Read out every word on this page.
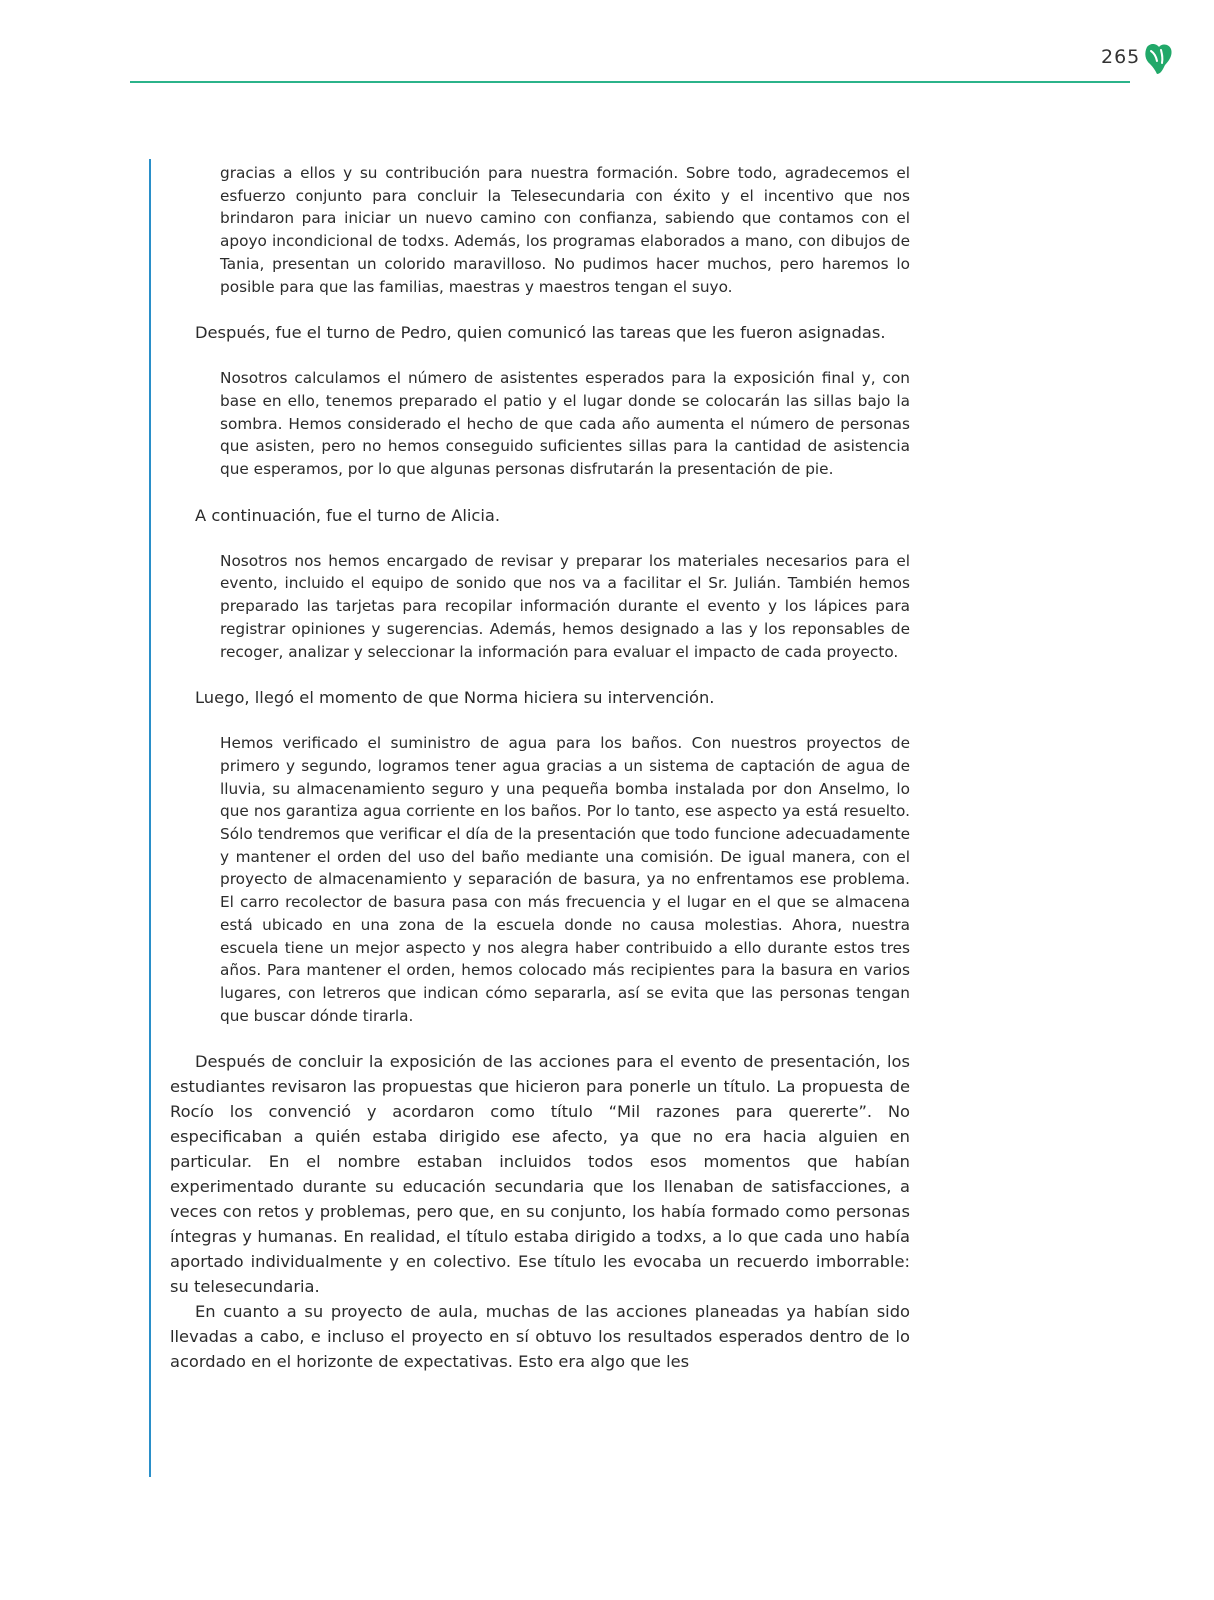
265

gracias a ellos y su contribución para nuestra formación. Sobre todo, agradecemos el esfuerzo conjunto para concluir la Telesecundaria con éxito y el incentivo que nos brindaron para iniciar un nuevo camino con confianza, sabiendo que contamos con el apoyo incondicional de todxs. Además, los programas elaborados a mano, con dibujos de Tania, presentan un colorido maravilloso. No pudimos hacer muchos, pero haremos lo posible para que las familias, maestras y maestros tengan el suyo.

Después, fue el turno de Pedro, quien comunicó las tareas que les fueron asignadas.

Nosotros calculamos el número de asistentes esperados para la exposición final y, con base en ello, tenemos preparado el patio y el lugar donde se colocarán las sillas bajo la sombra. Hemos considerado el hecho de que cada año aumenta el número de personas que asisten, pero no hemos conseguido suficientes sillas para la cantidad de asistencia que esperamos, por lo que algunas personas disfrutarán la presentación de pie.

A continuación, fue el turno de Alicia.

Nosotros nos hemos encargado de revisar y preparar los materiales necesarios para el evento, incluido el equipo de sonido que nos va a facilitar el Sr. Julián. También hemos preparado las tarjetas para recopilar información durante el evento y los lápices para registrar opiniones y sugerencias. Además, hemos designado a las y los reponsables de recoger, analizar y seleccionar la información para evaluar el impacto de cada proyecto.

Luego, llegó el momento de que Norma hiciera su intervención.

Hemos verificado el suministro de agua para los baños. Con nuestros proyectos de primero y segundo, logramos tener agua gracias a un sistema de captación de agua de lluvia, su almacenamiento seguro y una pequeña bomba instalada por don Anselmo, lo que nos garantiza agua corriente en los baños. Por lo tanto, ese aspecto ya está resuelto. Sólo tendremos que verificar el día de la presentación que todo funcione adecuadamente y mantener el orden del uso del baño mediante una comisión. De igual manera, con el proyecto de almacenamiento y separación de basura, ya no enfrentamos ese problema. El carro recolector de basura pasa con más frecuencia y el lugar en el que se almacena está ubicado en una zona de la escuela donde no causa molestias. Ahora, nuestra escuela tiene un mejor aspecto y nos alegra haber contribuido a ello durante estos tres años. Para mantener el orden, hemos colocado más recipientes para la basura en varios lugares, con letreros que indican cómo separarla, así se evita que las personas tengan que buscar dónde tirarla.

Después de concluir la exposición de las acciones para el evento de presentación, los estudiantes revisaron las propuestas que hicieron para ponerle un título. La propuesta de Rocío los convenció y acordaron como título “Mil razones para quererte”. No especificaban a quién estaba dirigido ese afecto, ya que no era hacia alguien en particular. En el nombre estaban incluidos todos esos momentos que habían experimentado durante su educación secundaria que los llenaban de satisfacciones, a veces con retos y problemas, pero que, en su conjunto, los había formado como personas íntegras y humanas. En realidad, el título estaba dirigido a todxs, a lo que cada uno había aportado individualmente y en colectivo. Ese título les evocaba un recuerdo imborrable: su telesecundaria.

En cuanto a su proyecto de aula, muchas de las acciones planeadas ya habían sido llevadas a cabo, e incluso el proyecto en sí obtuvo los resultados esperados dentro de lo acordado en el horizonte de expectativas. Esto era algo que les
